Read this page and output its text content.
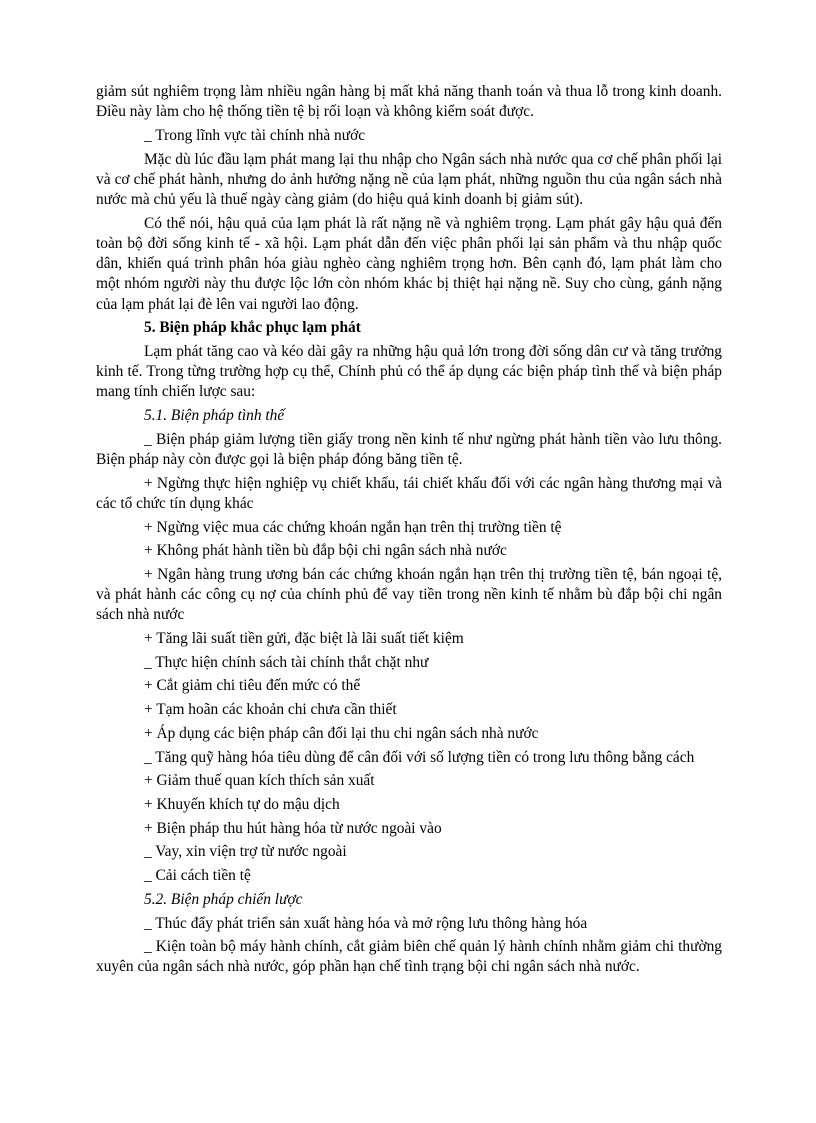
giảm sút nghiêm trọng làm nhiều ngân hàng bị mất khả năng thanh toán và thua lỗ trong kinh doanh. Điều này làm cho hệ thống tiền tệ bị rối loạn và không kiểm soát được.

_ Trong lĩnh vực tài chính nhà nước

Mặc dù lúc đầu lạm phát mang lại thu nhập cho Ngân sách nhà nước qua cơ chế phân phối lại và cơ chế phát hành, nhưng do ảnh hưởng nặng nề của lạm phát, những nguồn thu của ngân sách nhà nước mà chủ yếu là thuế ngày càng giảm (do hiệu quả kinh doanh bị giảm sút).

Có thể nói, hậu quả của lạm phát là rất nặng nề và nghiêm trọng. Lạm phát gây hậu quả đến toàn bộ đời sống kinh tế - xã hội. Lạm phát dẫn đến việc phân phối lại sản phẩm và thu nhập quốc dân, khiến quá trình phân hóa giàu nghèo càng nghiêm trọng hơn. Bên cạnh đó, lạm phát làm cho một nhóm người này thu được lộc lớn còn nhóm khác bị thiệt hại nặng nề. Suy cho cùng, gánh nặng của lạm phát lại đè lên vai người lao động.

5. Biện pháp khắc phục lạm phát

Lạm phát tăng cao và kéo dài gây ra những hậu quả lớn trong đời sống dân cư và tăng trưởng kinh tế. Trong từng trường hợp cụ thể, Chính phủ có thể áp dụng các biện pháp tình thế và biện pháp mang tính chiến lược sau:

5.1. Biện pháp tình thế

_ Biện pháp giảm lượng tiền giấy trong nền kinh tế như ngừng phát hành tiền vào lưu thông. Biện pháp này còn được gọi là biện pháp đóng băng tiền tệ.

+ Ngừng thực hiện nghiệp vụ chiết khấu, tái chiết khấu đối với các ngân hàng thương mại và các tổ chức tín dụng khác

+ Ngừng việc mua các chứng khoán ngắn hạn trên thị trường tiền tệ

+ Không phát hành tiền bù đắp bội chi ngân sách nhà nước

+ Ngân hàng trung ương bán các chứng khoán ngắn hạn trên thị trường tiền tệ, bán ngoại tệ, và phát hành các công cụ nợ của chính phủ để vay tiền trong nền kinh tế nhằm bù đắp bội chi ngân sách nhà nước

+ Tăng lãi suất tiền gửi, đặc biệt là lãi suất tiết kiệm

_ Thực hiện chính sách tài chính thắt chặt như

+ Cắt giảm chi tiêu đến mức có thể

+ Tạm hoãn các khoản chi chưa cần thiết

+ Áp dụng các biện pháp cân đối lại thu chi ngân sách nhà nước

_ Tăng quỹ hàng hóa tiêu dùng để cân đối với số lượng tiền có trong lưu thông bằng cách

+ Giảm thuế quan kích thích sản xuất

+ Khuyến khích tự do mậu dịch

+ Biện pháp thu hút hàng hóa từ nước ngoài vào

_ Vay, xin viện trợ từ nước ngoài

_ Cải cách tiền tệ

5.2. Biện pháp chiến lược

_ Thúc đẩy phát triển sản xuất hàng hóa và mở rộng lưu thông hàng hóa

_ Kiện toàn bộ máy hành chính, cắt giảm biên chế quản lý hành chính nhằm giảm chi thường xuyên của ngân sách nhà nước, góp phần hạn chế tình trạng bội chi ngân sách nhà nước.
